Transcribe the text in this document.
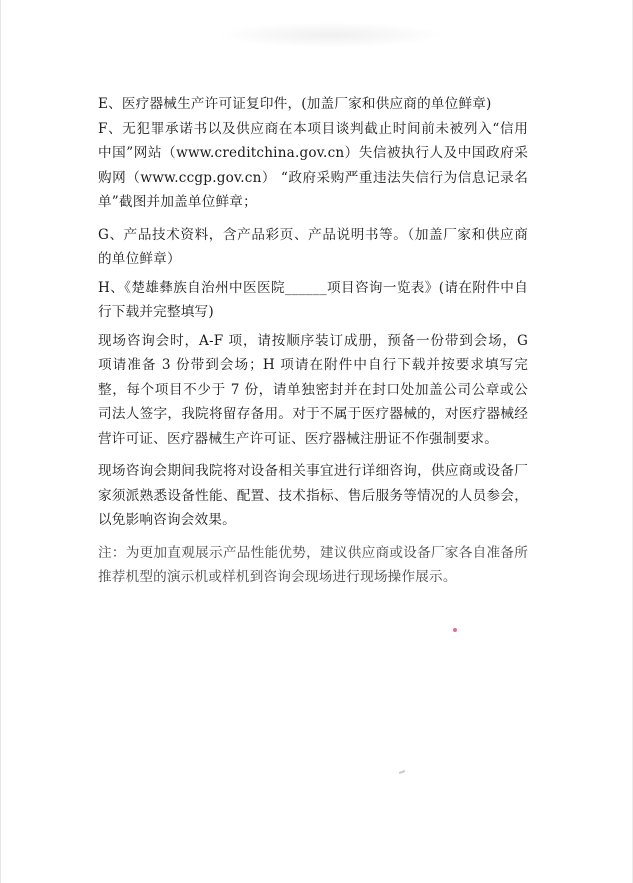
E、医疗器械生产许可证复印件，(加盖厂家和供应商的单位鲜章)

F、无犯罪承诺书以及供应商在本项目谈判截止时间前未被列入“信用中国”网站（www.creditchina.gov.cn）失信被执行人及中国政府采购网（www.ccgp.gov.cn） “政府采购严重违法失信行为信息记录名单”截图并加盖单位鲜章；

G、产品技术资料，含产品彩页、产品说明书等。（加盖厂家和供应商的单位鲜章）

H、《楚雄彝族自治州中医医院______项目咨询一览表》(请在附件中自行下载并完整填写)

现场咨询会时，A-F 项，请按顺序装订成册，预备一份带到会场，G 项请准备 3 份带到会场；H 项请在附件中自行下载并按要求填写完整，每个项目不少于 7 份，请单独密封并在封口处加盖公司公章或公司法人签字，我院将留存备用。对于不属于医疗器械的，对医疗器械经营许可证、医疗器械生产许可证、医疗器械注册证不作强制要求。

现场咨询会期间我院将对设备相关事宜进行详细咨询，供应商或设备厂家须派熟悉设备性能、配置、技术指标、售后服务等情况的人员参会，以免影响咨询会效果。

注：为更加直观展示产品性能优势，建议供应商或设备厂家各自准备所推荐机型的演示机或样机到咨询会现场进行现场操作展示。
